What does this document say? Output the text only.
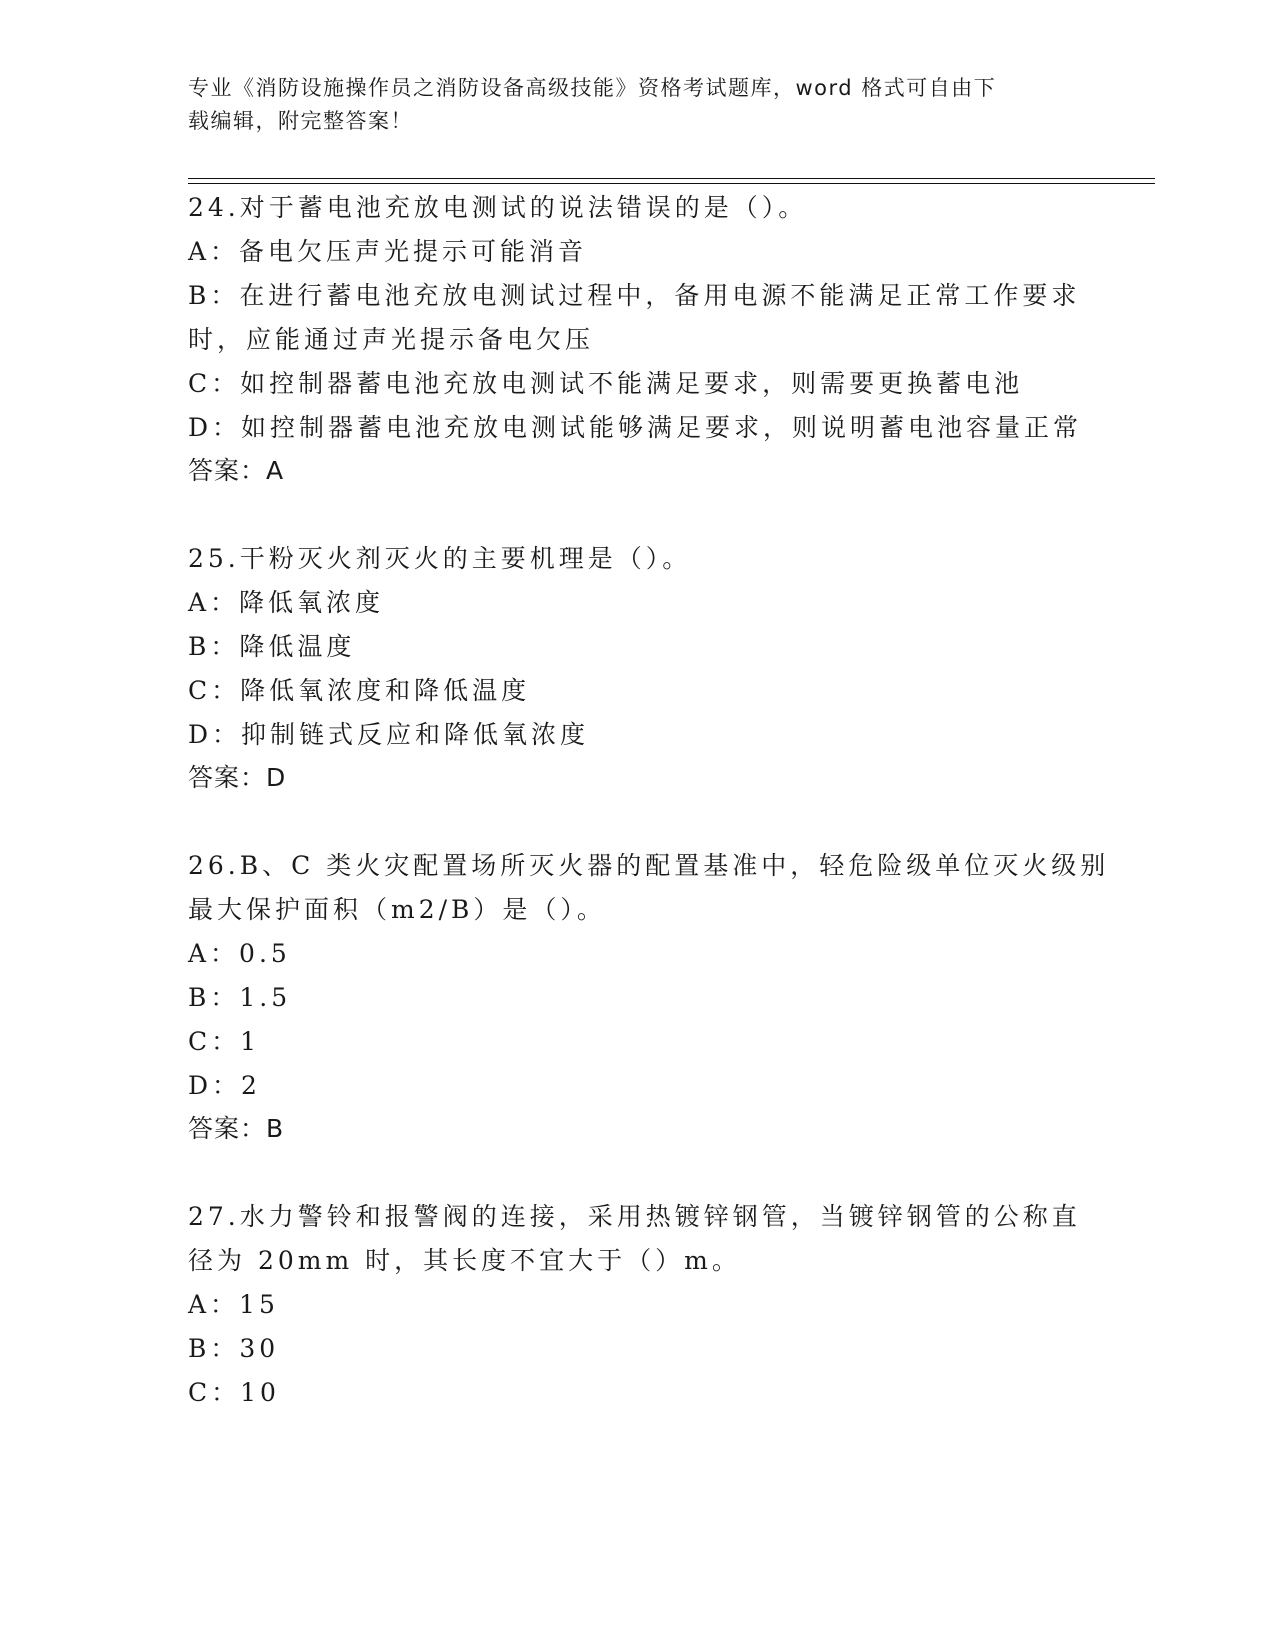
专业《消防设施操作员之消防设备高级技能》资格考试题库，word 格式可自由下
载编辑，附完整答案！
24.对于蓄电池充放电测试的说法错误的是（）。
A：备电欠压声光提示可能消音
B：在进行蓄电池充放电测试过程中，备用电源不能满足正常工作要求
时，应能通过声光提示备电欠压
C：如控制器蓄电池充放电测试不能满足要求，则需要更换蓄电池
D：如控制器蓄电池充放电测试能够满足要求，则说明蓄电池容量正常
答案：A
25.干粉灭火剂灭火的主要机理是（）。
A：降低氧浓度
B：降低温度
C：降低氧浓度和降低温度
D：抑制链式反应和降低氧浓度
答案：D
26.B、C 类火灾配置场所灭火器的配置基准中，轻危险级单位灭火级别
最大保护面积（m2/B）是（）。
A：0.5
B：1.5
C：1
D：2
答案：B
27.水力警铃和报警阀的连接，采用热镀锌钢管，当镀锌钢管的公称直
径为 20mm 时，其长度不宜大于（）m。
A：15
B：30
C：10
